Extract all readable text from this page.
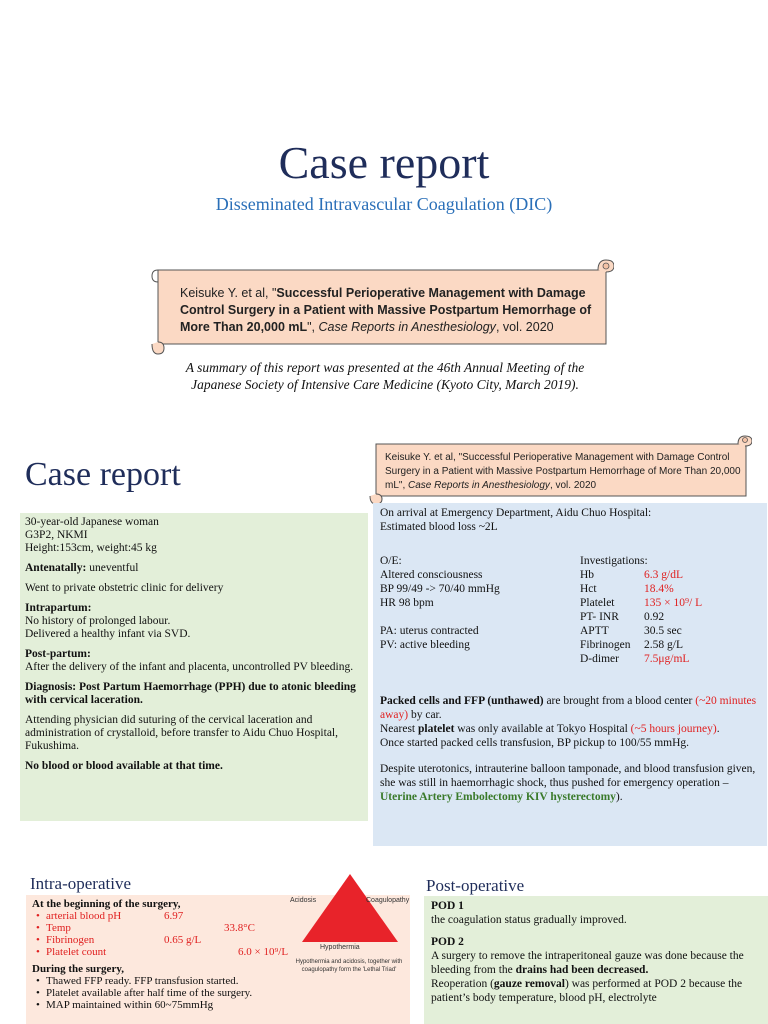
Case report
Disseminated Intravascular Coagulation (DIC)
Keisuke Y. et al, "Successful Perioperative Management with Damage Control Surgery in a Patient with Massive Postpartum Hemorrhage of More Than 20,000 mL", Case Reports in Anesthesiology, vol. 2020
A summary of this report was presented at the 46th Annual Meeting of the Japanese Society of Intensive Care Medicine (Kyoto City, March 2019).
Case report	Keisuke Y. et al, "Successful Perioperative Management with Damage Control Surgery in a Patient with Massive Postpartum Hemorrhage of More Than 20,000 mL", Case Reports in Anesthesiology, vol. 2020

30-year-old Japanese woman
G3P2, NKMI
Height:153cm, weight:45 kg

Antenatally: uneventful

Went to private obstetric clinic for delivery

Intrapartum:
No history of prolonged labour.
Delivered a healthy infant via SVD.

Post-partum:
After the delivery of the infant and placenta, uncontrolled PV bleeding.

Diagnosis: Post Partum Haemorrhage (PPH) due to atonic bleeding with cervical laceration.

Attending physician did suturing of the cervical laceration and administration of crystalloid, before transfer to Aidu Chuo Hospital, Fukushima.

No blood or blood available at that time.

On arrival at Emergency Department, Aidu Chuo Hospital:
Estimated blood loss ~2L

O/E:
Altered consciousness
BP 99/49 -> 70/40 mmHg
HR 98 bpm

PA: uterus contracted
PV: active bleeding
Investigations:
Hb	6.3 g/dL
Hct	18.4%
Platelet	135 × 10⁹/ L
PT- INR	0.92
APTT	30.5 sec
Fibrinogen	2.58 g/L
D-dimer	7.5μg/mL

Packed cells and FFP (unthawed) are brought from a blood center (~20 minutes away) by car.
Nearest platelet was only available at Tokyo Hospital (~5 hours journey).
Once started packed cells transfusion, BP pickup to 100/55 mmHg.

Despite uterotonics, intrauterine balloon tamponade, and blood transfusion given, she was still in haemorrhagic shock, thus pushed for emergency operation – Uterine Artery Embolectomy KIV hysterectomy).

Intra-operative
At the beginning of the surgery,
• arterial blood pH	6.97
• Temp	33.8°C
• Fibrinogen	0.65 g/L
• Platelet count	6.0 × 10⁹/L
During the surgery,
• Thawed FFP ready. FFP transfusion started.
• Platelet available after half time of the surgery.
• MAP maintained within 60~75mmHg
Acidosis	Coagulopathy
Hypothermia
Hypothermia and acidosis, together with coagulopathy form the 'Lethal Triad'
Post-operative

POD 1
the coagulation status gradually improved.

POD 2
A surgery to remove the intraperitoneal gauze was done because the bleeding from the drains had been decreased.
Reoperation (gauze removal) was performed at POD 2 because the patient’s body temperature, blood pH, electrolyte
